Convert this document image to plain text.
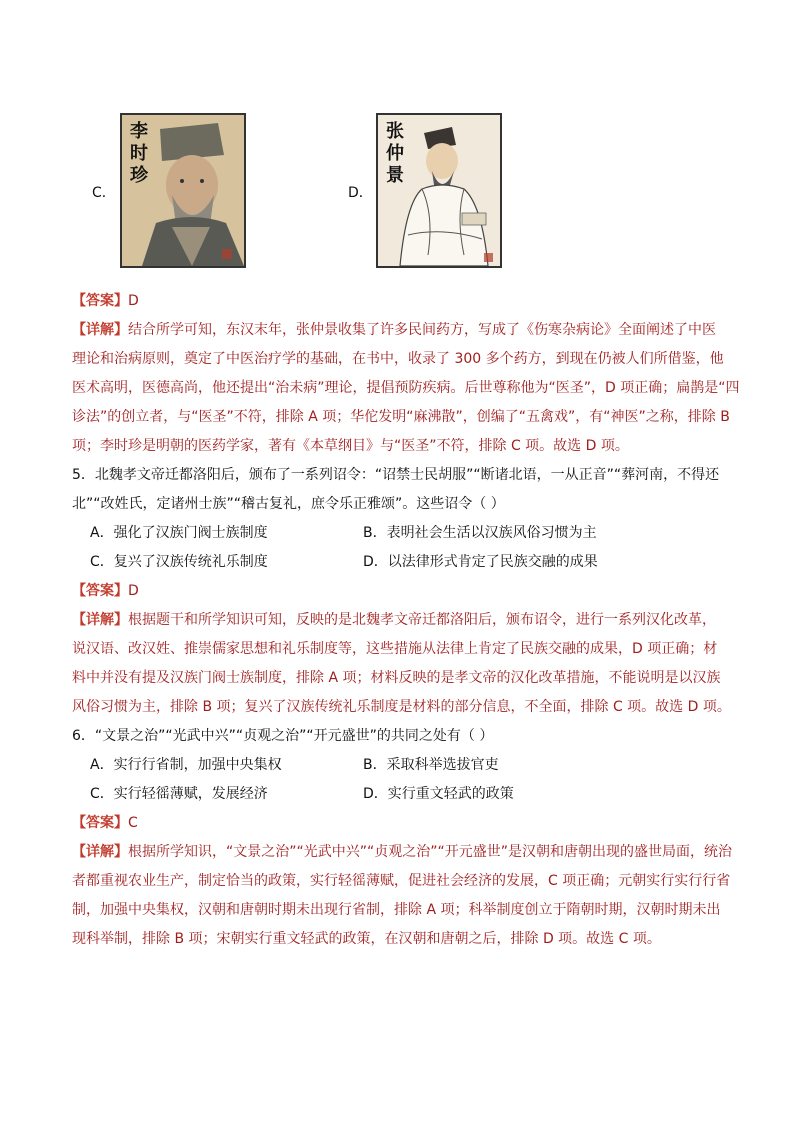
C．
李
时
珍
D．
张
仲
景
【答案】D
【详解】结合所学可知，东汉末年，张仲景收集了许多民间药方，写成了《伤寒杂病论》全面阐述了中医
理论和治病原则，奠定了中医治疗学的基础，在书中，收录了 300 多个药方，到现在仍被人们所借鉴，他
医术高明，医德高尚，他还提出“治未病”理论，提倡预防疾病。后世尊称他为“医圣”，D 项正确；扁鹊是“四
诊法”的创立者，与“医圣”不符，排除 A 项；华佗发明“麻沸散”，创编了“五禽戏”，有“神医”之称，排除 B
项；李时珍是明朝的医药学家，著有《本草纲目》与“医圣”不符，排除 C 项。故选 D 项。
5．北魏孝文帝迁都洛阳后，颁布了一系列诏令：“诏禁士民胡服”“断诸北语，一从正音”“葬河南，不得还
北”“改姓氏，定诸州士族”“稽古复礼，庶令乐正雅颂”。这些诏令（ ）
A．强化了汉族门阀士族制度	B．表明社会生活以汉族风俗习惯为主
C．复兴了汉族传统礼乐制度	D．以法律形式肯定了民族交融的成果
【答案】D
【详解】根据题干和所学知识可知，反映的是北魏孝文帝迁都洛阳后，颁布诏令，进行一系列汉化改革，
说汉语、改汉姓、推崇儒家思想和礼乐制度等，这些措施从法律上肯定了民族交融的成果，D 项正确；材
料中并没有提及汉族门阀士族制度，排除 A 项；材料反映的是孝文帝的汉化改革措施，不能说明是以汉族
风俗习惯为主，排除 B 项；复兴了汉族传统礼乐制度是材料的部分信息，不全面，排除 C 项。故选 D 项。
6．“文景之治”“光武中兴”“贞观之治”“开元盛世”的共同之处有（ ）
A．实行行省制，加强中央集权	B．采取科举选拔官吏
C．实行轻徭薄赋，发展经济	D．实行重文轻武的政策
【答案】C
【详解】根据所学知识，“文景之治”“光武中兴”“贞观之治”“开元盛世”是汉朝和唐朝出现的盛世局面，统治
者都重视农业生产，制定恰当的政策，实行轻徭薄赋，促进社会经济的发展，C 项正确；元朝实行实行行省
制，加强中央集权，汉朝和唐朝时期未出现行省制，排除 A 项；科举制度创立于隋朝时期，汉朝时期未出
现科举制，排除 B 项；宋朝实行重文轻武的政策，在汉朝和唐朝之后，排除 D 项。故选 C 项。
